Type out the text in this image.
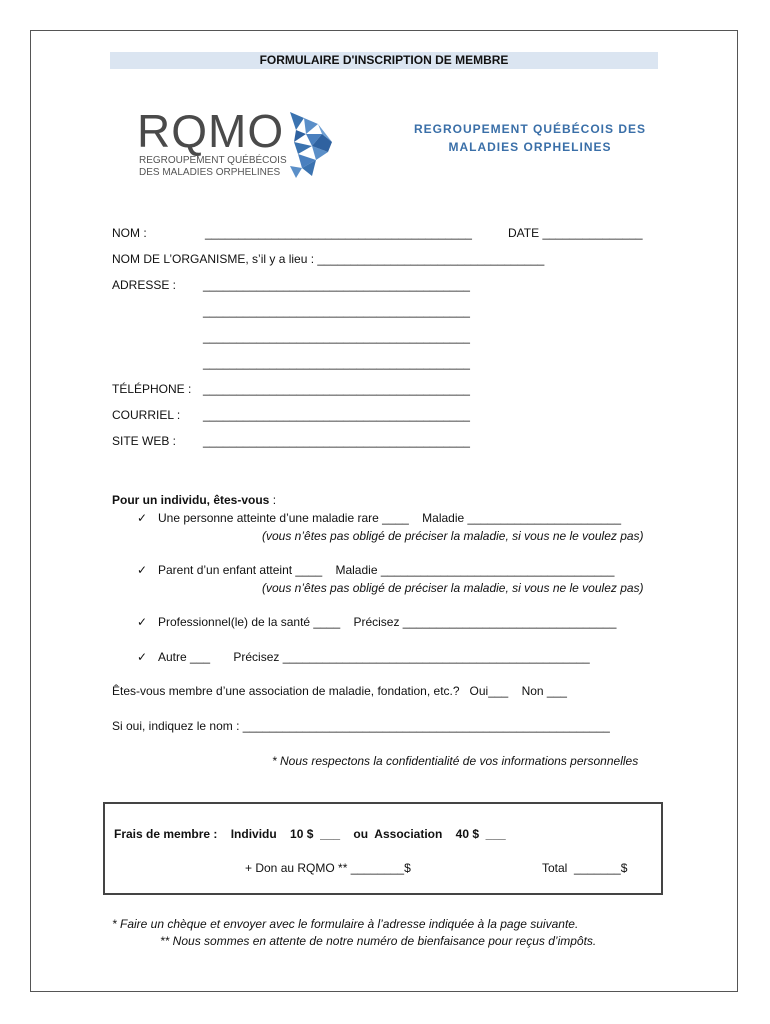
FORMULAIRE D'INSCRIPTION DE MEMBRE
RQMO
REGROUPEMENT QUÉBÉCOIS
DES MALADIES ORPHELINES
REGROUPEMENT QUÉBÉCOIS DES MALADIES ORPHELINES
NOM :	________________________________________	DATE _______________
NOM DE L’ORGANISME, s’il y a lieu : __________________________________
ADRESSE : ________________________________________
________________________________________
________________________________________
________________________________________
TÉLÉPHONE : ________________________________________
COURRIEL : ________________________________________
SITE WEB : ________________________________________
Pour un individu, êtes-vous :
✓ Une personne atteinte d’une maladie rare ____    Maladie _______________________
(vous n’êtes pas obligé de préciser la maladie, si vous ne le voulez pas)
✓ Parent d’un enfant atteint ____    Maladie ___________________________________
(vous n’êtes pas obligé de préciser la maladie, si vous ne le voulez pas)
✓ Professionnel(le) de la santé ____    Précisez ________________________________
✓ Autre ___       Précisez ______________________________________________
Êtes-vous membre d’une association de maladie, fondation, etc.?   Oui___    Non ___
Si oui, indiquez le nom : _______________________________________________________
* Nous respectons la confidentialité de vos informations personnelles
Frais de membre :    Individu    10 $  ___    ou  Association    40 $  ___
+ Don au RQMO ** ________$	Total  _______$
* Faire un chèque et envoyer avec le formulaire à l’adresse indiquée à la page suivante.
** Nous sommes en attente de notre numéro de bienfaisance pour reçus d’impôts.
